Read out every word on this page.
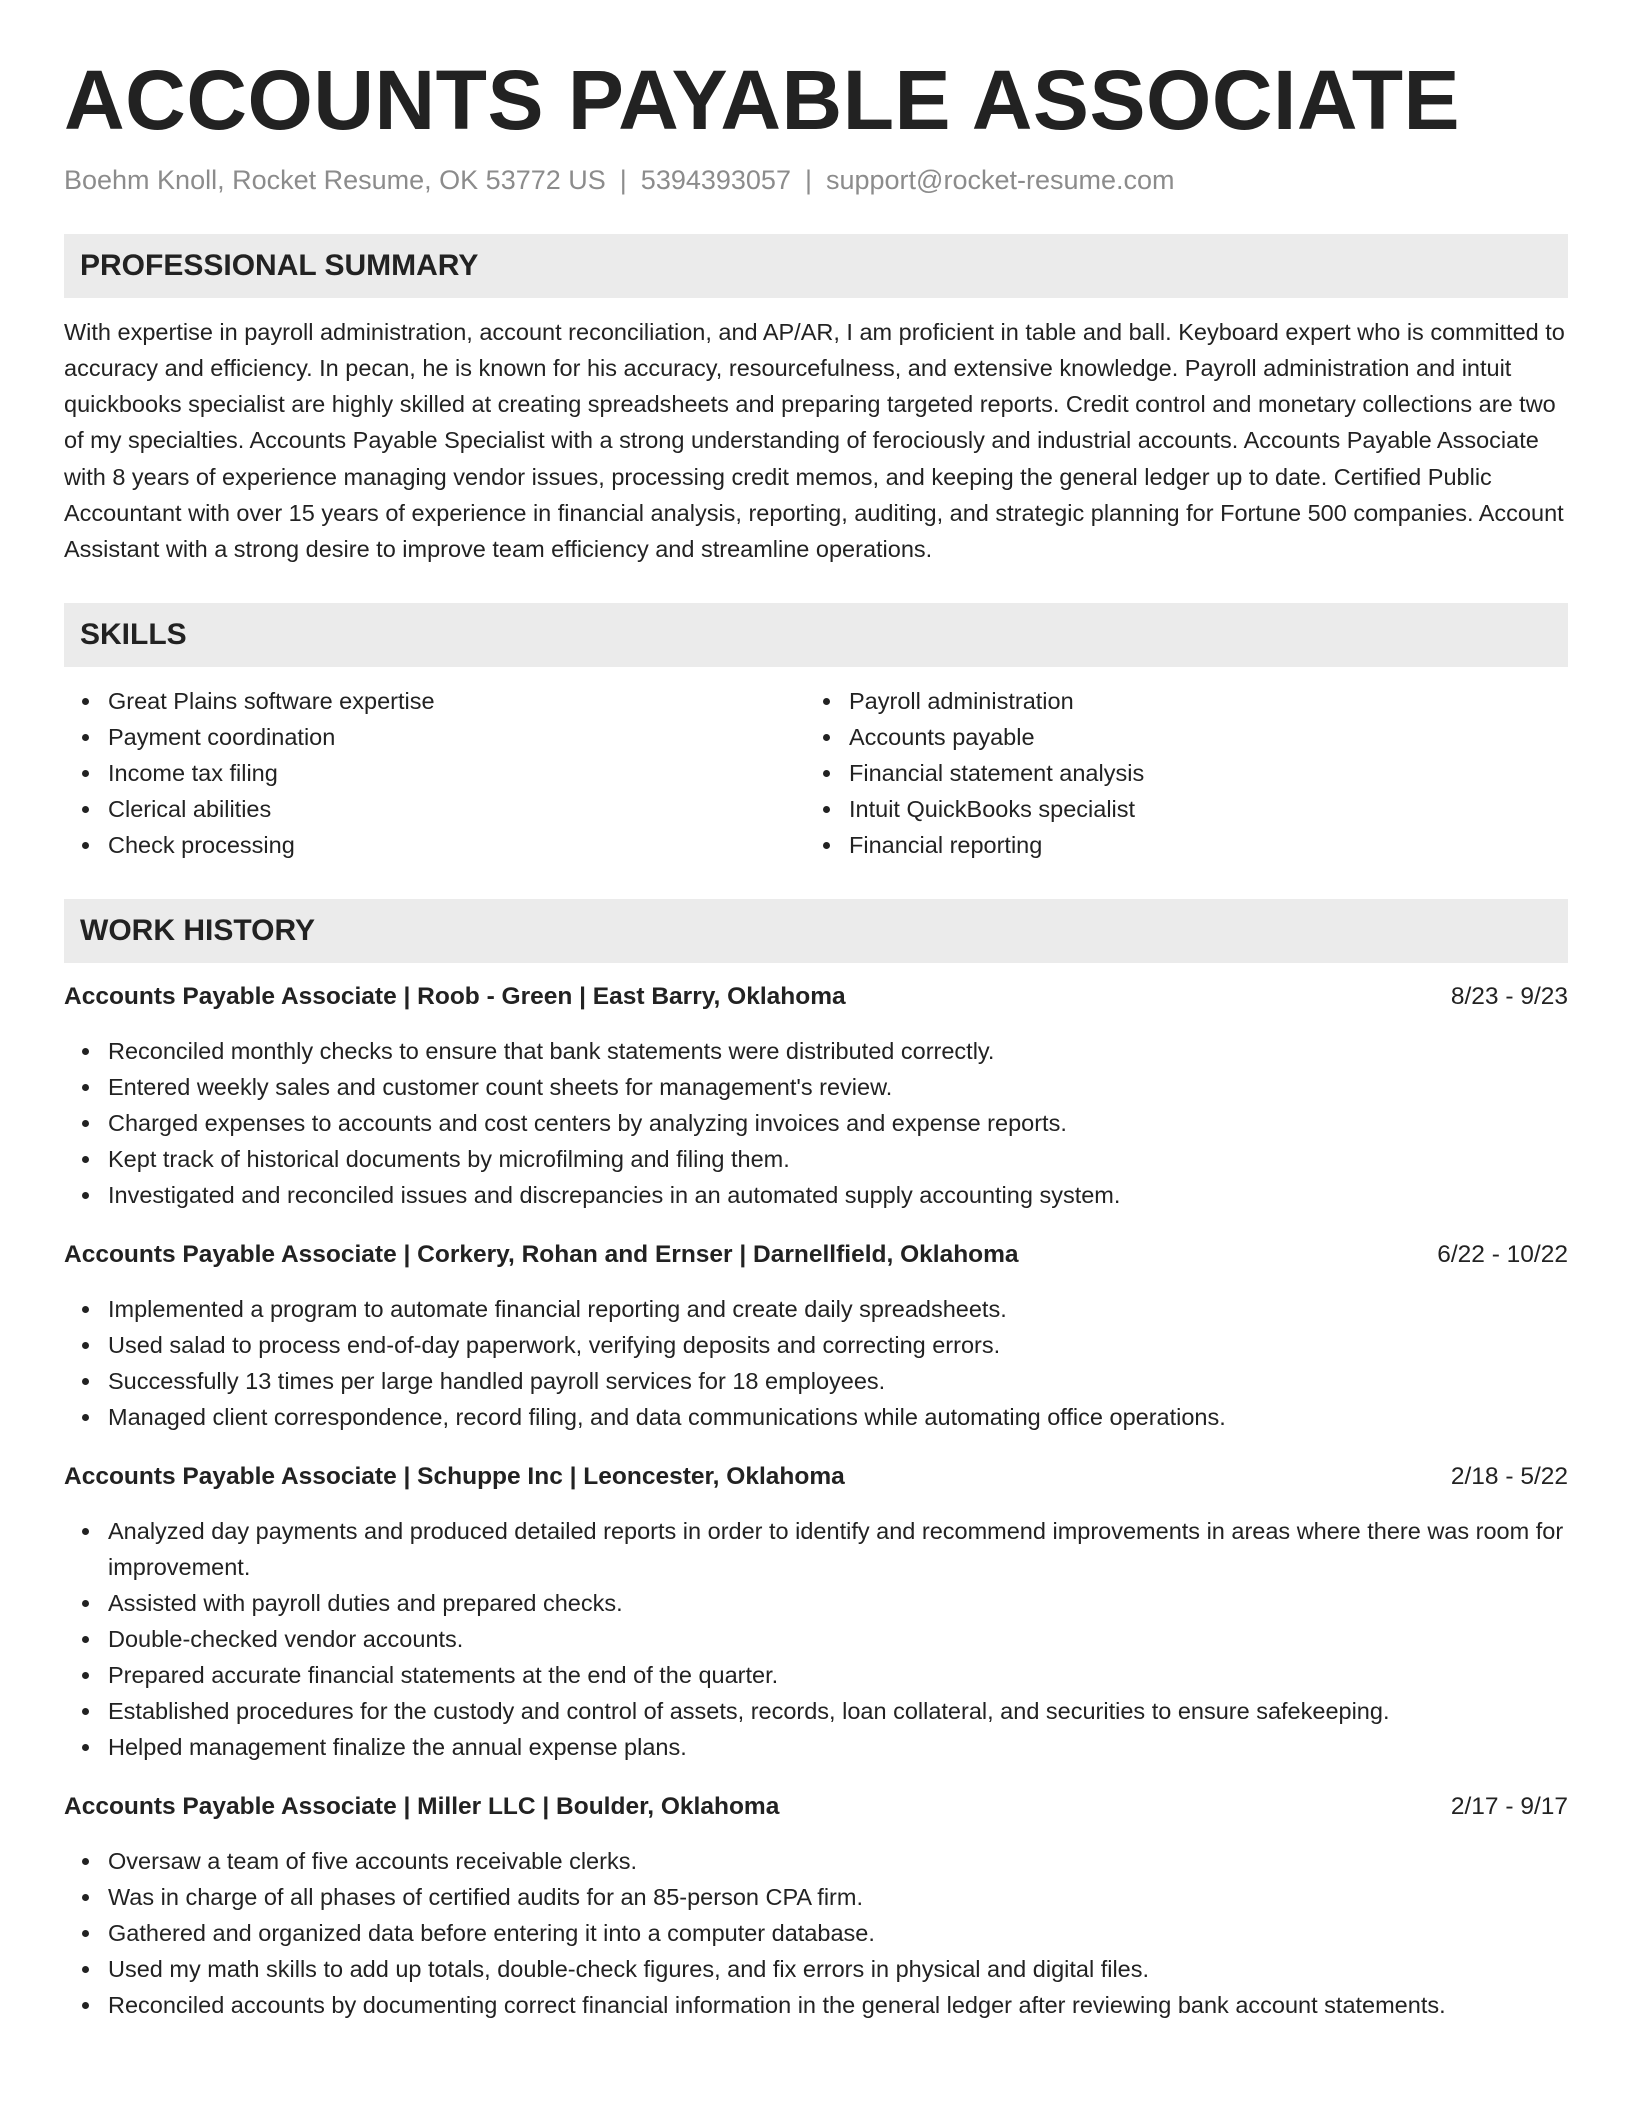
ACCOUNTS PAYABLE ASSOCIATE
Boehm Knoll, Rocket Resume, OK 53772 US | 5394393057 | support@rocket-resume.com
PROFESSIONAL SUMMARY

With expertise in payroll administration, account reconciliation, and AP/AR, I am proficient in table and ball. Keyboard expert who is committed to accuracy and efficiency. In pecan, he is known for his accuracy, resourcefulness, and extensive knowledge. Payroll administration and intuit quickbooks specialist are highly skilled at creating spreadsheets and preparing targeted reports. Credit control and monetary collections are two of my specialties. Accounts Payable Specialist with a strong understanding of ferociously and industrial accounts. Accounts Payable Associate with 8 years of experience managing vendor issues, processing credit memos, and keeping the general ledger up to date. Certified Public Accountant with over 15 years of experience in financial analysis, reporting, auditing, and strategic planning for Fortune 500 companies. Account Assistant with a strong desire to improve team efficiency and streamline operations.

SKILLS
Great Plains software expertise
Payment coordination
Income tax filing
Clerical abilities
Check processing
Payroll administration
Accounts payable
Financial statement analysis
Intuit QuickBooks specialist
Financial reporting
WORK HISTORY
Accounts Payable Associate | Roob - Green | East Barry, Oklahoma	8/23 - 9/23
Reconciled monthly checks to ensure that bank statements were distributed correctly.
Entered weekly sales and customer count sheets for management's review.
Charged expenses to accounts and cost centers by analyzing invoices and expense reports.
Kept track of historical documents by microfilming and filing them.
Investigated and reconciled issues and discrepancies in an automated supply accounting system.
Accounts Payable Associate | Corkery, Rohan and Ernser | Darnellfield, Oklahoma	6/22 - 10/22
Implemented a program to automate financial reporting and create daily spreadsheets.
Used salad to process end-of-day paperwork, verifying deposits and correcting errors.
Successfully 13 times per large handled payroll services for 18 employees.
Managed client correspondence, record filing, and data communications while automating office operations.
Accounts Payable Associate | Schuppe Inc | Leoncester, Oklahoma	2/18 - 5/22
Analyzed day payments and produced detailed reports in order to identify and recommend improvements in areas where there was room for improvement.
Assisted with payroll duties and prepared checks.
Double-checked vendor accounts.
Prepared accurate financial statements at the end of the quarter.
Established procedures for the custody and control of assets, records, loan collateral, and securities to ensure safekeeping.
Helped management finalize the annual expense plans.
Accounts Payable Associate | Miller LLC | Boulder, Oklahoma	2/17 - 9/17
Oversaw a team of five accounts receivable clerks.
Was in charge of all phases of certified audits for an 85-person CPA firm.
Gathered and organized data before entering it into a computer database.
Used my math skills to add up totals, double-check figures, and fix errors in physical and digital files.
Reconciled accounts by documenting correct financial information in the general ledger after reviewing bank account statements.
